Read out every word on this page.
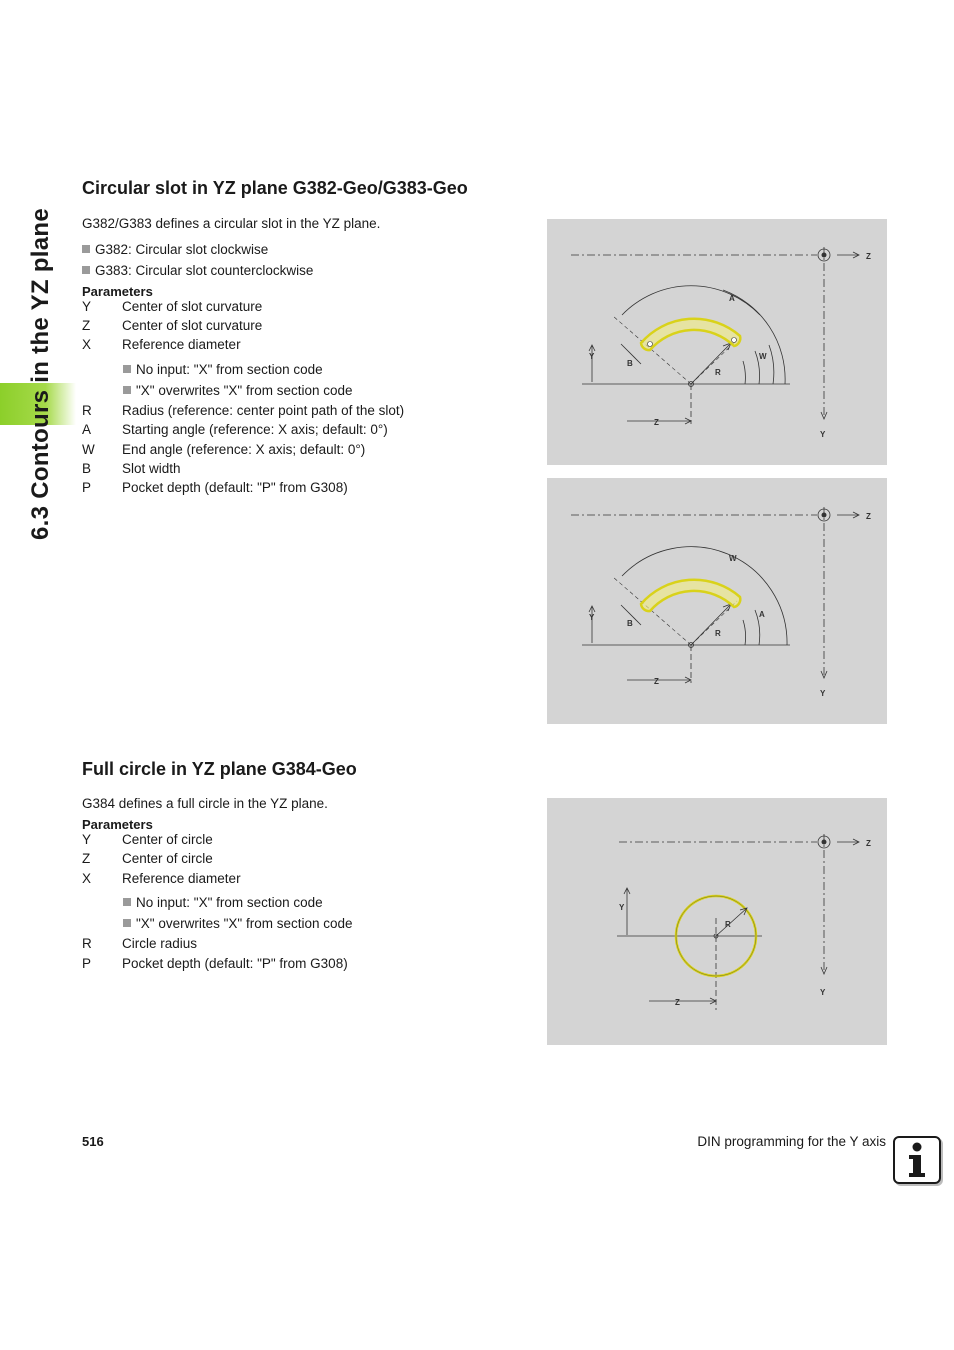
6.3 Contours in the YZ plane
Circular slot in YZ plane G382-Geo/G383-Geo

G382/G383 defines a circular slot in the YZ plane.

G382: Circular slot clockwise
G383: Circular slot counterclockwise
Parameters
Y Center of slot curvature
Z Center of slot curvature
X Reference diameter
No input: "X" from section code
"X" overwrites "X" from section code
R Radius (reference: center point path of the slot)
A Starting angle (reference: X axis; default: 0°)
W End angle (reference: X axis; default: 0°)
B Slot width
P Pocket depth (default: "P" from G308)
Z
Y
Y
Z
A
W
R
B
Z
Y
Y
Z
W
A
R
B
Full circle in YZ plane G384-Geo

G384 defines a full circle in the YZ plane.

Parameters
Y Center of circle
Z Center of circle
X Reference diameter
No input: "X" from section code
"X" overwrites "X" from section code
R Circle radius
P Pocket depth (default: "P" from G308)
Z
Y
Y
Z
R
516	DIN programming for the Y axis
